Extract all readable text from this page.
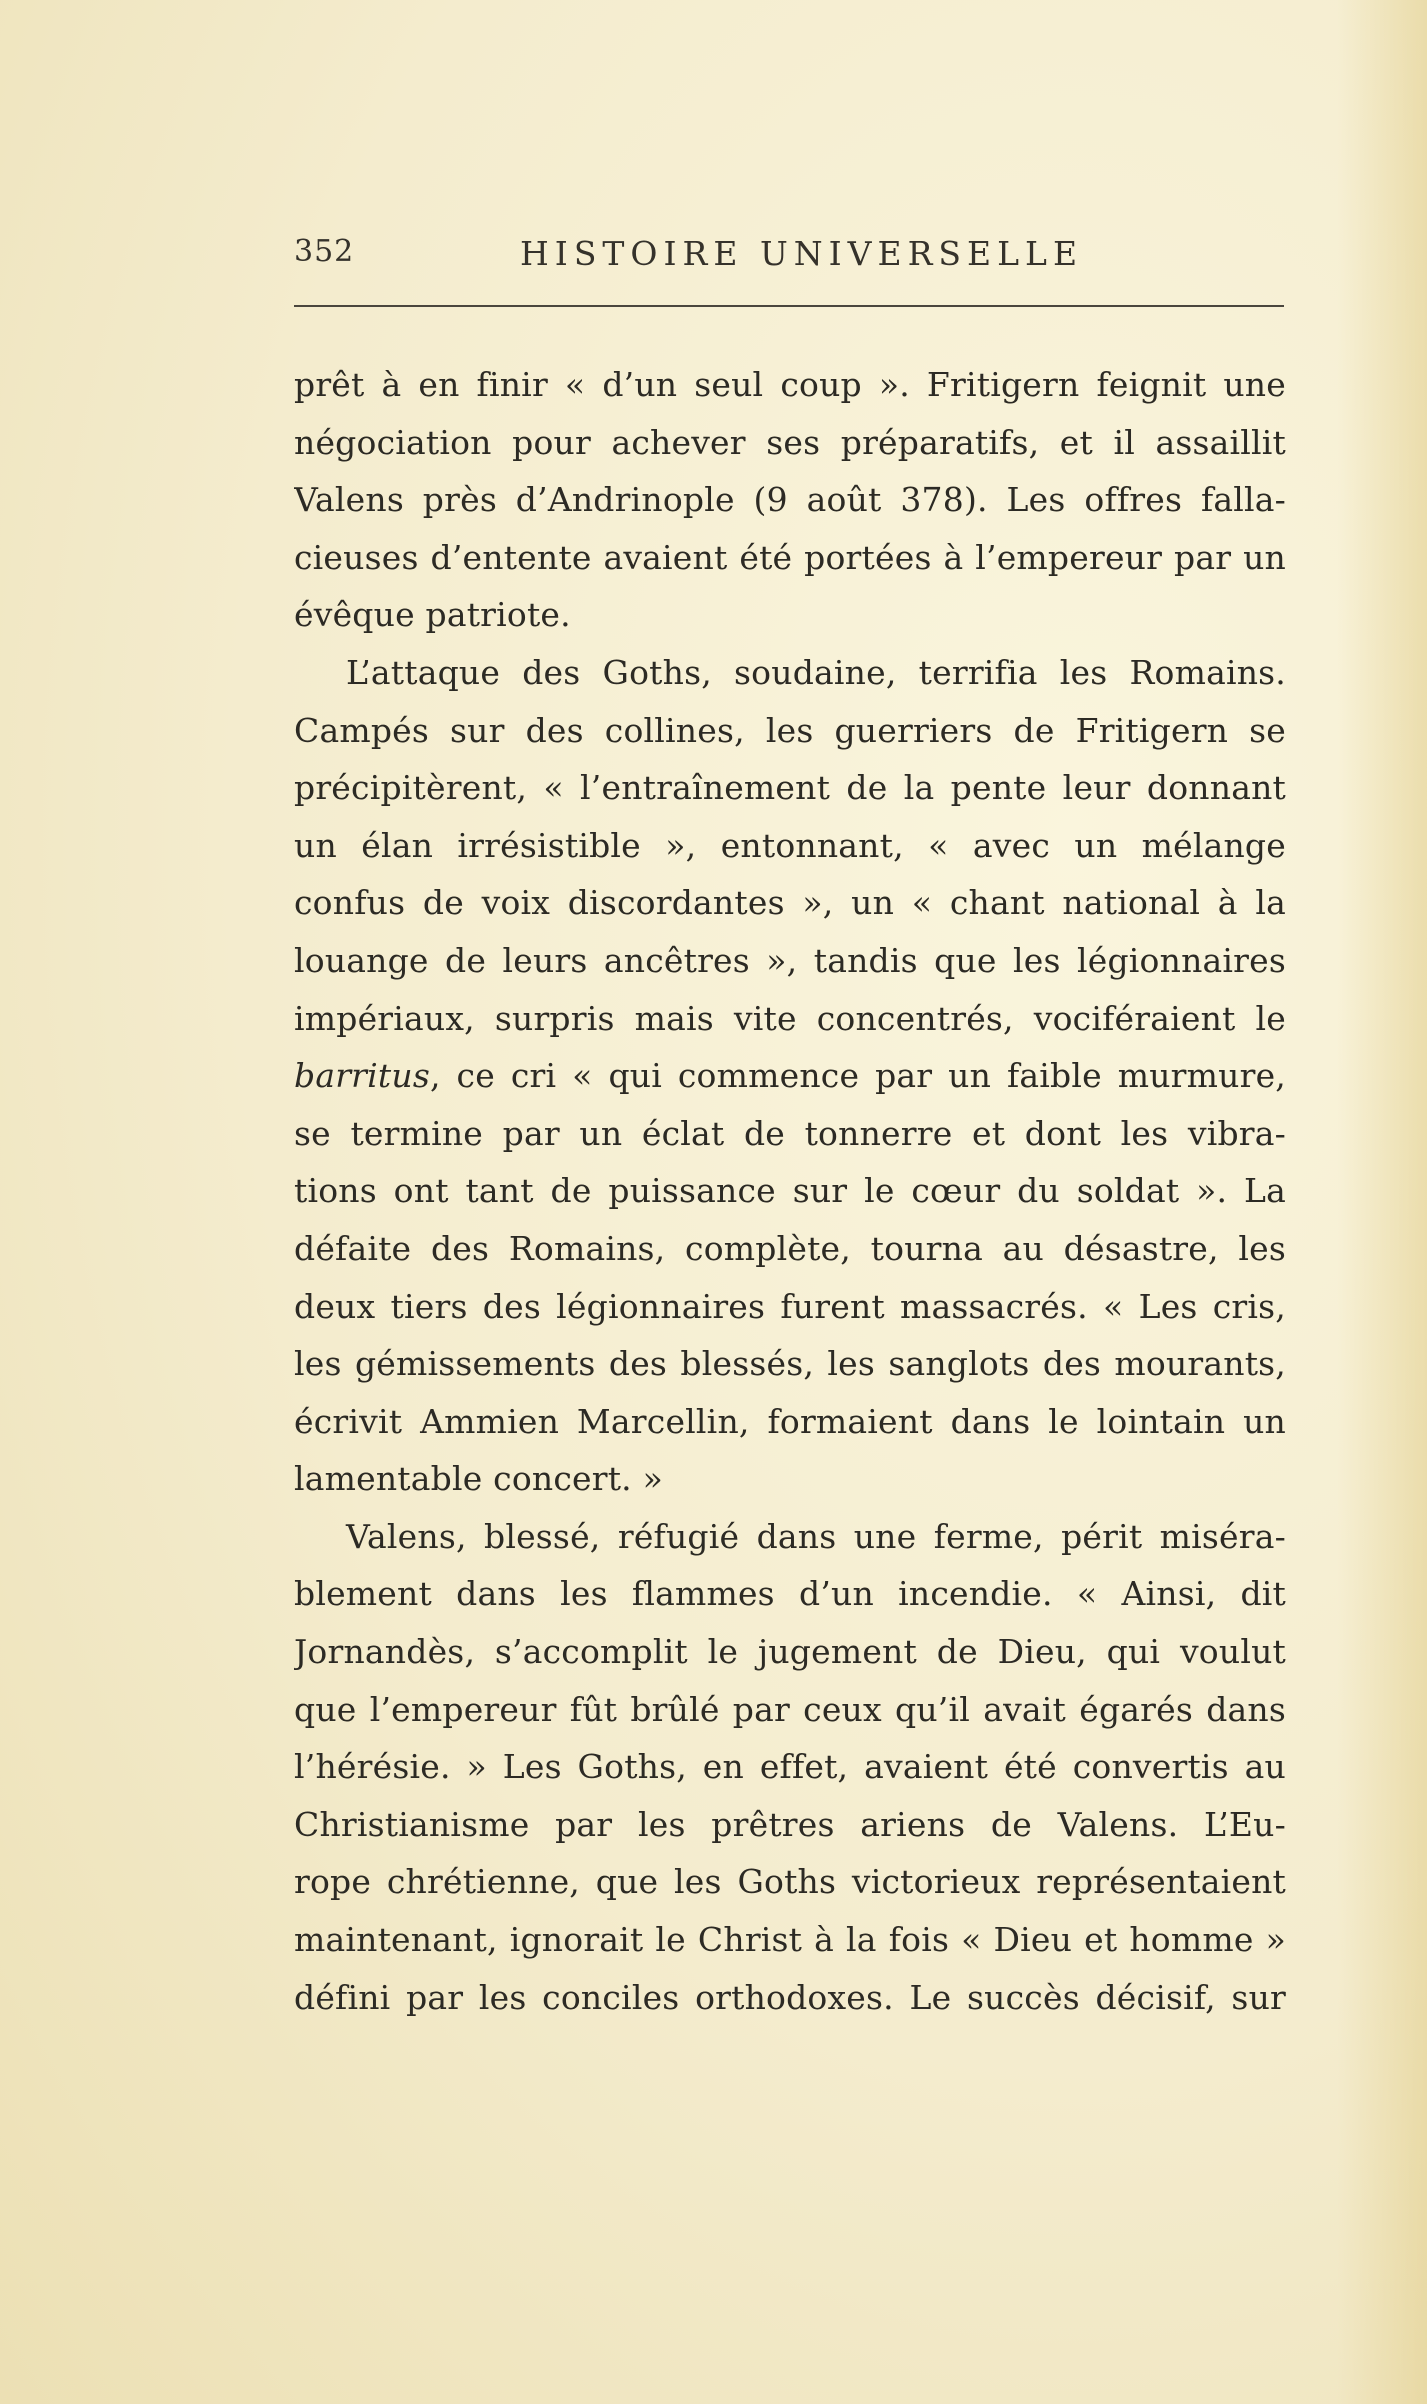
352	HISTOIRE UNIVERSELLE
prêt à en finir « d’un seul coup ». Fritigern feignit une
négociation pour achever ses préparatifs, et il assaillit
Valens près d’Andrinople (9 août 378). Les offres falla-
cieuses d’entente avaient été portées à l’empereur par un
évêque patriote.
L’attaque des Goths, soudaine, terrifia les Romains.
Campés sur des collines, les guerriers de Fritigern se
précipitèrent, « l’entraînement de la pente leur donnant
un élan irrésistible », entonnant, « avec un mélange
confus de voix discordantes », un « chant national à la
louange de leurs ancêtres », tandis que les légionnaires
impériaux, surpris mais vite concentrés, vociféraient le
barritus, ce cri « qui commence par un faible murmure,
se termine par un éclat de tonnerre et dont les vibra-
tions ont tant de puissance sur le cœur du soldat ». La
défaite des Romains, complète, tourna au désastre, les
deux tiers des légionnaires furent massacrés. « Les cris,
les gémissements des blessés, les sanglots des mourants,
écrivit Ammien Marcellin, formaient dans le lointain un
lamentable concert. »
Valens, blessé, réfugié dans une ferme, périt miséra-
blement dans les flammes d’un incendie. « Ainsi, dit
Jornandès, s’accomplit le jugement de Dieu, qui voulut
que l’empereur fût brûlé par ceux qu’il avait égarés dans
l’hérésie. » Les Goths, en effet, avaient été convertis au
Christianisme par les prêtres ariens de Valens. L’Eu-
rope chrétienne, que les Goths victorieux représentaient
maintenant, ignorait le Christ à la fois « Dieu et homme »
défini par les conciles orthodoxes. Le succès décisif, sur
